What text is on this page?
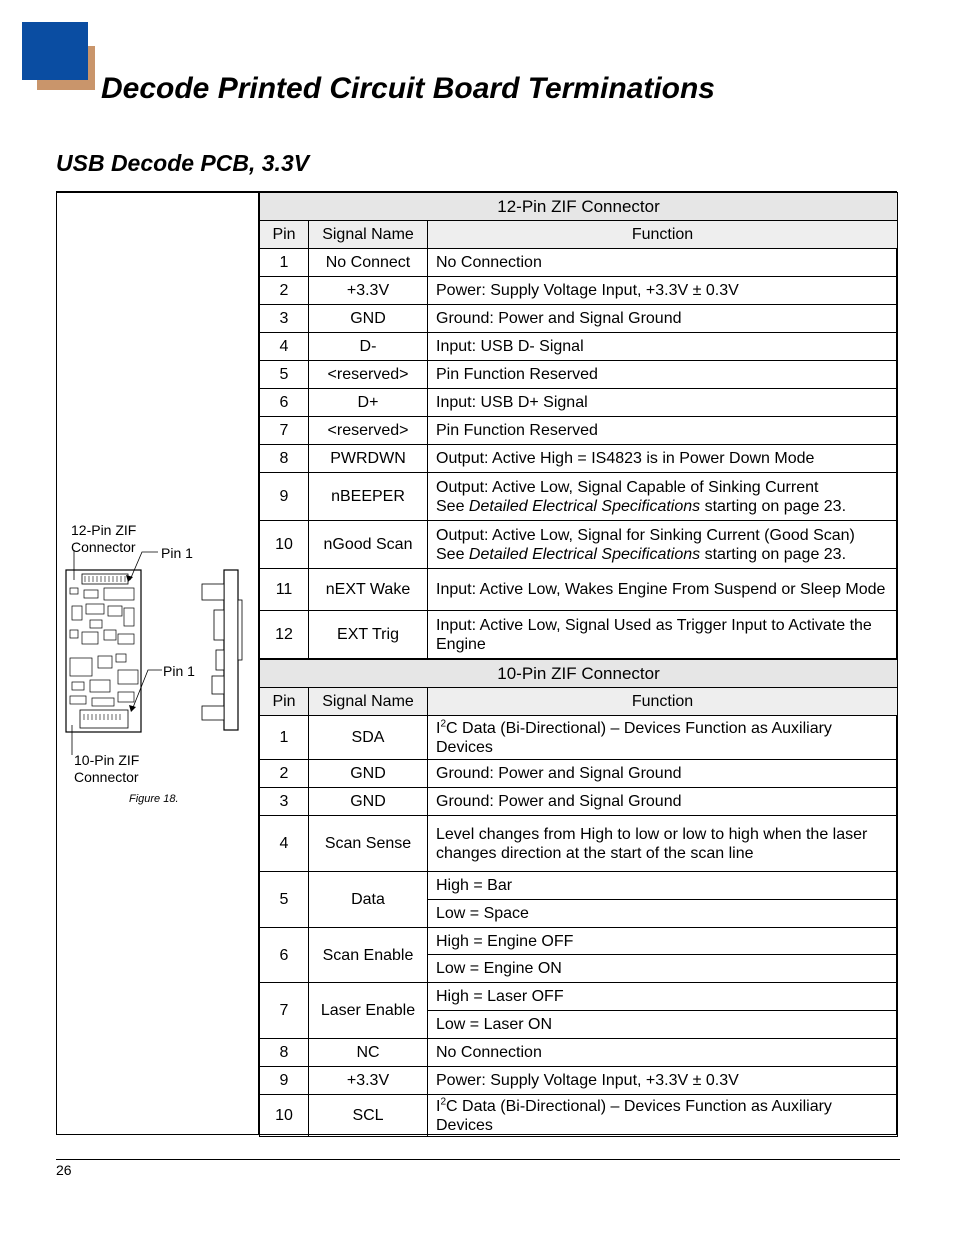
Decode Printed Circuit Board Terminations
USB Decode PCB, 3.3V
12-Pin ZIF
Connector Pin 1
Pin 1
10-Pin ZIF
Connector
Figure 18.
12-Pin ZIF Connector		
Pin	Signal Name	Function
1	No Connect	No Connection
2	+3.3V	Power: Supply Voltage Input, +3.3V ± 0.3V
3	GND	Ground: Power and Signal Ground
4	D-	Input: USB D- Signal
5	<reserved>	Pin Function Reserved
6	D+	Input: USB D+ Signal
7	<reserved>	Pin Function Reserved
8	PWRDWN	Output: Active High = IS4823 is in Power Down Mode
9	nBEEPER	Output: Active Low, Signal Capable of Sinking Current
See Detailed Electrical Specifications starting on page 23.

10	nGood Scan	Output: Active Low, Signal for Sinking Current (Good Scan)
See Detailed Electrical Specifications starting on page 23.

11	nEXT Wake	Input: Active Low, Wakes Engine From Suspend or Sleep Mode
12	EXT Trig	Input: Active Low, Signal Used as Trigger Input to Activate the Engine
10-Pin ZIF Connector		
Pin	Signal Name	Function
1	SDA	$I^2C$ Data (Bi-Directional) – Devices Function as Auxiliary Devices
2	GND	Ground: Power and Signal Ground
3	GND	Ground: Power and Signal Ground
4	Scan Sense	Level changes from High to low or low to high when the laser changes direction at the start of the scan line
5	Data	High = Bar
		Low = Space
6	Scan Enable	High = Engine OFF
		Low = Engine ON
7	Laser Enable	High = Laser OFF
		Low = Laser ON
8	NC	No Connection
9	+3.3V	Power: Supply Voltage Input, +3.3V ± 0.3V
10	SCL	$I^2C$ Data (Bi-Directional) – Devices Function as Auxiliary Devices
26
